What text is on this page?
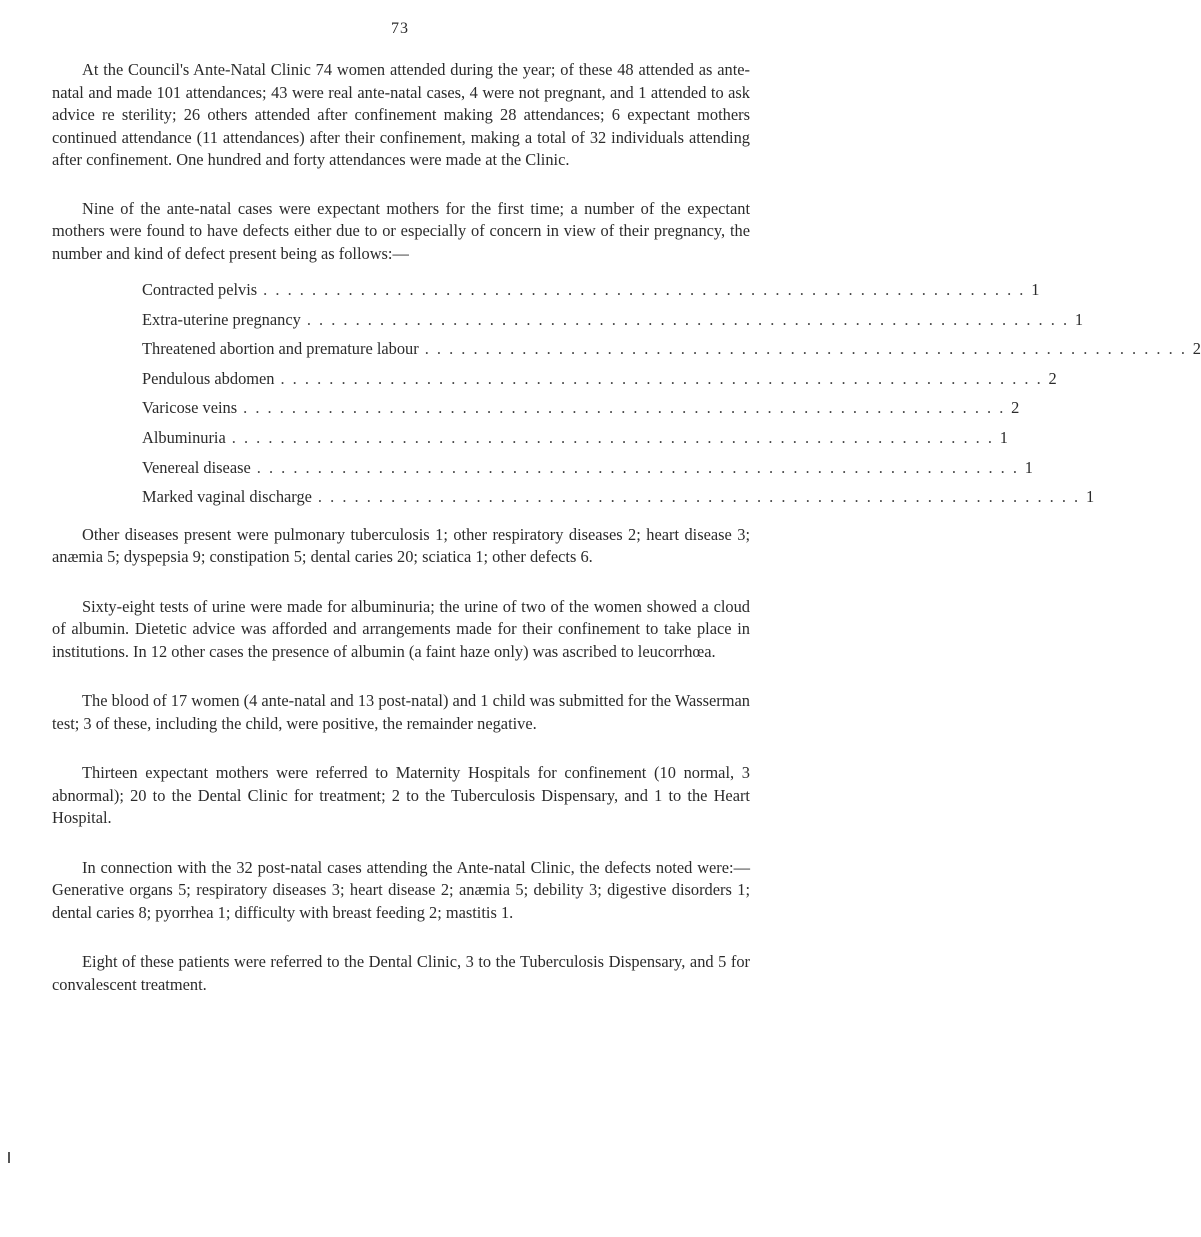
73

At the Council's Ante-Natal Clinic 74 women attended during the year; of these 48 attended as ante-natal and made 101 attendances; 43 were real ante-natal cases, 4 were not pregnant, and 1 attended to ask advice re sterility; 26 others attended after confinement making 28 attendances; 6 expectant mothers continued attendance (11 attendances) after their confinement, making a total of 32 individuals attending after confinement. One hundred and forty attendances were made at the Clinic.

Nine of the ante-natal cases were expectant mothers for the first time; a number of the expectant mothers were found to have defects either due to or especially of concern in view of their pregnancy, the number and kind of defect present being as follows:—

Contracted pelvis . . . . . . . . . . . . . . . . . . . . . . . . . . . . . . . . . . . . . . . . . . . . . . . . . . . . . . . . . . . . . . . 1
Extra-uterine pregnancy . . . . . . . . . . . . . . . . . . . . . . . . . . . . . . . . . . . . . . . . . . . . . . . . . . . . . . . . . . . . . . . 1
Threatened abortion and premature labour . . . . . . . . . . . . . . . . . . . . . . . . . . . . . . . . . . . . . . . . . . . . . . . . . . . . . . . . . . . . . . . 2
Pendulous abdomen . . . . . . . . . . . . . . . . . . . . . . . . . . . . . . . . . . . . . . . . . . . . . . . . . . . . . . . . . . . . . . . 2
Varicose veins . . . . . . . . . . . . . . . . . . . . . . . . . . . . . . . . . . . . . . . . . . . . . . . . . . . . . . . . . . . . . . . 2
Albuminuria . . . . . . . . . . . . . . . . . . . . . . . . . . . . . . . . . . . . . . . . . . . . . . . . . . . . . . . . . . . . . . . 1
Venereal disease . . . . . . . . . . . . . . . . . . . . . . . . . . . . . . . . . . . . . . . . . . . . . . . . . . . . . . . . . . . . . . . 1
Marked vaginal discharge . . . . . . . . . . . . . . . . . . . . . . . . . . . . . . . . . . . . . . . . . . . . . . . . . . . . . . . . . . . . . . . 1

Other diseases present were pulmonary tuberculosis 1; other respiratory diseases 2; heart disease 3; anæmia 5; dyspepsia 9; constipation 5; dental caries 20; sciatica 1; other defects 6.

Sixty-eight tests of urine were made for albuminuria; the urine of two of the women showed a cloud of albumin. Dietetic advice was afforded and arrangements made for their confinement to take place in institutions. In 12 other cases the presence of albumin (a faint haze only) was ascribed to leucorrhœa.

The blood of 17 women (4 ante-natal and 13 post-natal) and 1 child was submitted for the Wasserman test; 3 of these, including the child, were positive, the remainder negative.

Thirteen expectant mothers were referred to Maternity Hospitals for confinement (10 normal, 3 abnormal); 20 to the Dental Clinic for treatment; 2 to the Tuberculosis Dispensary, and 1 to the Heart Hospital.

In connection with the 32 post-natal cases attending the Ante-natal Clinic, the defects noted were:—Generative organs 5; respiratory diseases 3; heart disease 2; anæmia 5; debility 3; digestive disorders 1; dental caries 8; pyorrhea 1; difficulty with breast feeding 2; mastitis 1.

Eight of these patients were referred to the Dental Clinic, 3 to the Tuberculosis Dispensary, and 5 for convalescent treatment.
